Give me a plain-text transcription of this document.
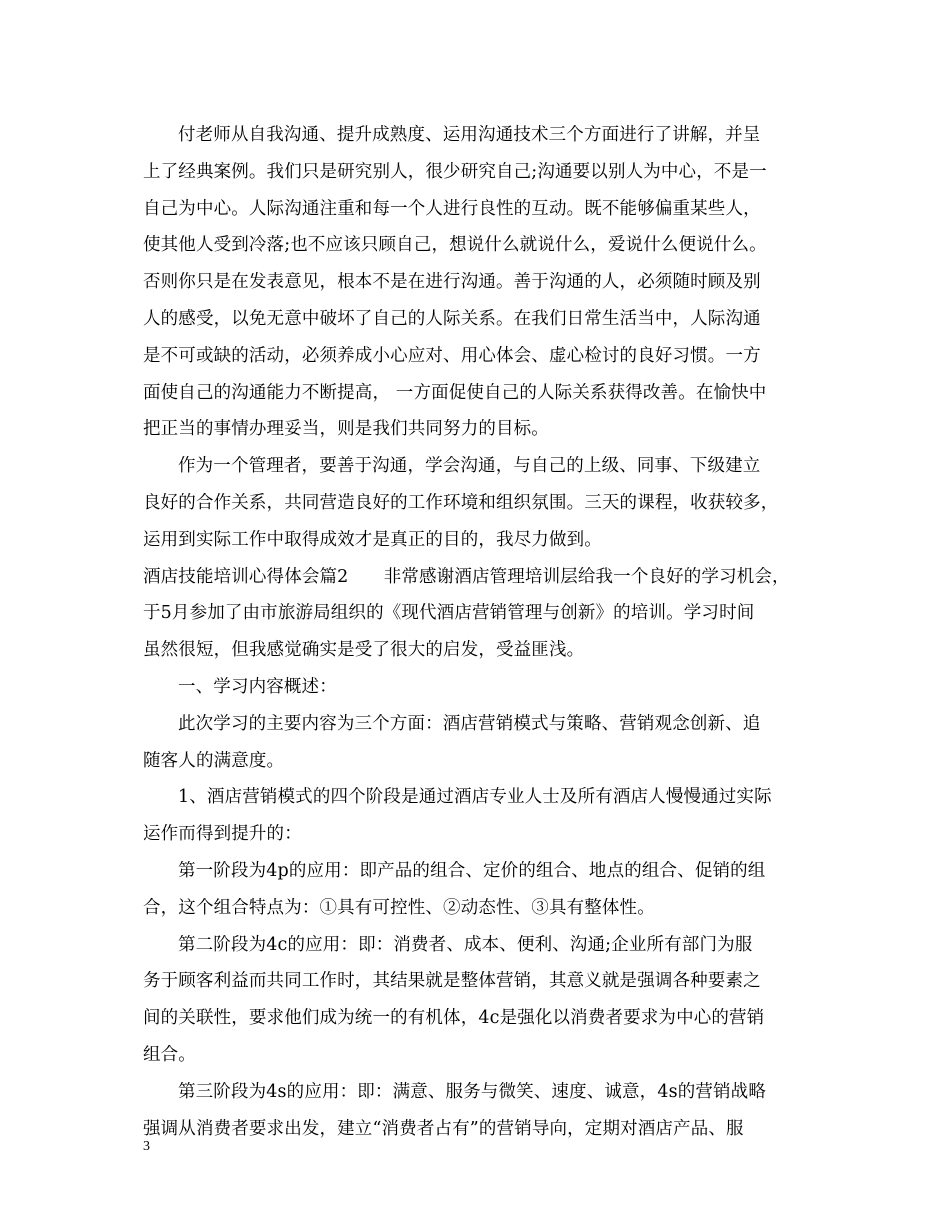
付老师从自我沟通、提升成熟度、运用沟通技术三个方面进行了讲解，并呈
上了经典案例。我们只是研究别人，很少研究自己;沟通要以别人为中心，不是一
自己为中心。人际沟通注重和每一个人进行良性的互动。既不能够偏重某些人，
使其他人受到冷落;也不应该只顾自己，想说什么就说什么，爱说什么便说什么。
否则你只是在发表意见，根本不是在进行沟通。善于沟通的人，必须随时顾及别
人的感受，以免无意中破坏了自己的人际关系。在我们日常生活当中，人际沟通
是不可或缺的活动，必须养成小心应对、用心体会、虚心检讨的良好习惯。一方
面使自己的沟通能力不断提高， 一方面促使自己的人际关系获得改善。在愉快中
把正当的事情办理妥当，则是我们共同努力的目标。
作为一个管理者，要善于沟通，学会沟通，与自己的上级、同事、下级建立
良好的合作关系，共同营造良好的工作环境和组织氛围。三天的课程，收获较多，
运用到实际工作中取得成效才是真正的目的，我尽力做到。
酒店技能培训心得体会篇2　　非常感谢酒店管理培训层给我一个良好的学习机会，
于5月参加了由市旅游局组织的《现代酒店营销管理与创新》的培训。学习时间
虽然很短，但我感觉确实是受了很大的启发，受益匪浅。
一、学习内容概述：
此次学习的主要内容为三个方面：酒店营销模式与策略、营销观念创新、追
随客人的满意度。
1、酒店营销模式的四个阶段是通过酒店专业人士及所有酒店人慢慢通过实际
运作而得到提升的：
第一阶段为4p的应用：即产品的组合、定价的组合、地点的组合、促销的组
合，这个组合特点为：①具有可控性、②动态性、③具有整体性。
第二阶段为4c的应用：即：消费者、成本、便利、沟通;企业所有部门为服
务于顾客利益而共同工作时，其结果就是整体营销，其意义就是强调各种要素之
间的关联性，要求他们成为统一的有机体，4c是强化以消费者要求为中心的营销
组合。
第三阶段为4s的应用：即：满意、服务与微笑、速度、诚意，4s的营销战略
强调从消费者要求出发，建立“消费者占有”的营销导向，定期对酒店产品、服
3
